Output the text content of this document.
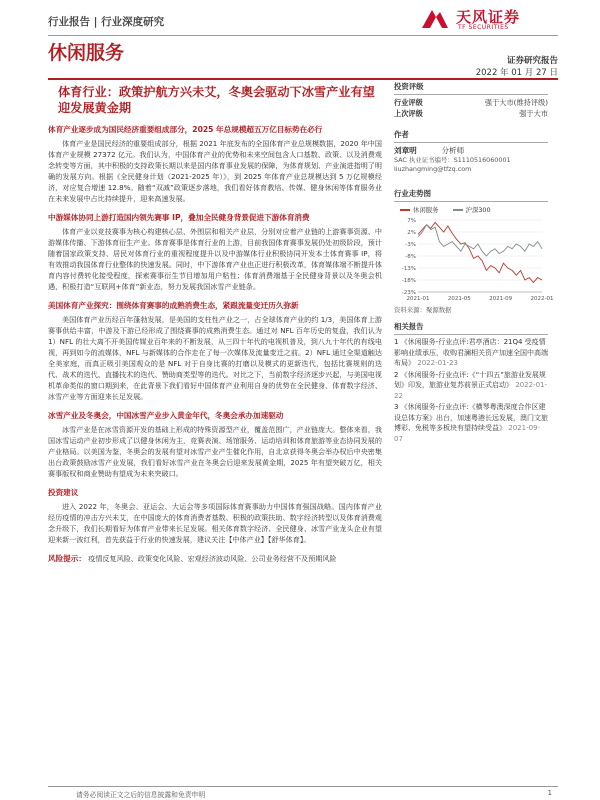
行业报告 | 行业深度研究	天风证券
TF SECURITIES
休闲服务	证券研究报告
2022 年 01 月 27 日
体育行业：政策护航方兴未艾，冬奥会驱动下冰雪产业有望迎发展黄金期
体育产业逐步成为国民经济重要组成部分，2025 年总规模超五万亿目标势在必行

体育产业是国民经济的重要组成部分，根据 2021 年底发布的全国体育产业总规模数据，2020 年中国体育产业规模 27372 亿元。我们认为，中国体育产业的优势和未来空间包含人口基数、政策、以及消费观念转变等方面，其中积极的支持政策长期以来是国内体育事业发展的保障，为体育规划、产业演进指明了明确的发展方向。根据《全民健身计划（2021-2025 年）》，到 2025 年体育产业总规模达到 5 万亿规模经济，对应复合增速 12.8%。随着“双减”政策逐步落地，我们看好体育教培、传媒、健身休闲等体育服务业在未来发展中占比持续提升，迎来高速发展。

中游媒体协同上游打造国内领先赛事 IP，叠加全民健身背景促进下游体育消费

体育产业以竞技赛事为核心构建核心层、外围层和相关产业层，分别对应着产业链的上游赛事资源、中游媒体传播、下游体育衍生产业。体育赛事是体育行业的上游，目前我国体育赛事发展仍处初级阶段，预计随着国家政策支持、居民对体育行业的重视程度提升以及中游媒体行业积极协同开发本土体育赛事 IP，将有效推动我国体育行业整体的快速发展。同时，中下游体育产业也正进行积极改革，体育媒体端不断提升体育内容付费转化接受程度，探索赛事衍生节目增加用户粘性；体育消费端基于全民健身背景以及冬奥会机遇，积极打造“互联网+体育”新业态，努力发展我国冰雪产业链条。

美国体育产业探究：围绕体育赛事的成熟消费生态，紧跟流量变迁历久弥新

美国体育产业历经百年蓬勃发展，是美国的支柱性产业之一，占全球体育产业的约 1/3，美国体育上游赛事供给丰富，中游及下游已经形成了围绕赛事的成熟消费生态。通过对 NFL 百年历史的复盘，我们认为 1）NFL 的壮大离不开美国传媒业百年来的不断发展，从三四十年代的电视机普及，到八九十年代的有线电视，再到如今的流媒体，NFL 与新媒体的合作走在了每一次媒体及流量变迁之前。2）NFL 通过全渠道触达全美家庭，而真正吸引美国观众的是 NFL 对于自身比赛的打磨以及模式的更新迭代，包括比赛规则的迭代、战术的迭代、直播技术的迭代、赞助商类型等的迭代。对比之下，当前数字经济逐步兴起，与美国电视机革命类似的窗口期到来，在此背景下我们看好中国体育产业利用自身的优势在全民健身、体育数字经济、冰雪产业等方面迎来长足发展。

冰雪产业及冬奥会，中国冰雪产业步入黄金年代，冬奥会承办加速驱动

冰雪产业是在冰雪资源开发的基础上形成的特殊资源型产业，覆盖范围广，产业链庞大。整体来看，我国冰雪运动产业初步形成了以健身休闲为主，竞赛表演、场馆服务、运动培训和体育旅游等业态协同发展的产业格局。以美国为鉴，冬奥会的发展有望对冰雪产业产生催化作用，自北京获得冬奥会举办权后中央密集出台政策鼓励冰雪产业发展，我们看好冰雪产业在冬奥会后迎来发展黄金期，2025 年有望突破万亿，相关赛事版权和商业赞助有望成为未来突破口。

投资建议

进入 2022 年，冬奥会、亚运会、大运会等多项国际体育赛事助力中国体育强国战略。国内体育产业经历疫情的冲击方兴未艾，在中国庞大的体育消费者基数、积极的政策扶助、数字经济转型以及体育消费观念升级下，我们长期看好为体育产业带来长足发展。相关体育数字经济、全民健身、冰雪产业龙头企业有望迎来新一波红利，首先获益于行业的快速发展，建议关注【中体产业】【舒华体育】。

风险提示： 疫情反复风险、政策变化风险、宏观经济波动风险、公司业务经营不及预期风险
投资评级
行业评级	强于大市(维持评级)
上次评级	强于大市
作者
刘章明	分析师
SAC 执业证书编号：S1110516060001
liuzhangming@tfzq.com
行业走势图
休闲服务	沪深300
7%
2%
-3%
-8%
-13%
-18%
-23%
2021-01	2021-05	2021-09	2022-01
资料来源：聚源数据
相关报告
1 《休闲服务-行业点评:君亭酒店：21Q4 受疫情影响业绩承压，收购君澜相关资产加速全国中高端布局》 2022-01-23
2 《休闲服务-行业点评:《“十四五”旅游业发展规划》印发，旅游业复苏前景正式启动》 2022-01-22
3 《休闲服务-行业点评:《横琴粤澳深度合作区建设总体方案》出台，加速粤港长远发展，澳门文旅博彩、免税等多板块有望持续受益》 2021-09-07
请务必阅读正文之后的信息披露和免责申明	1
